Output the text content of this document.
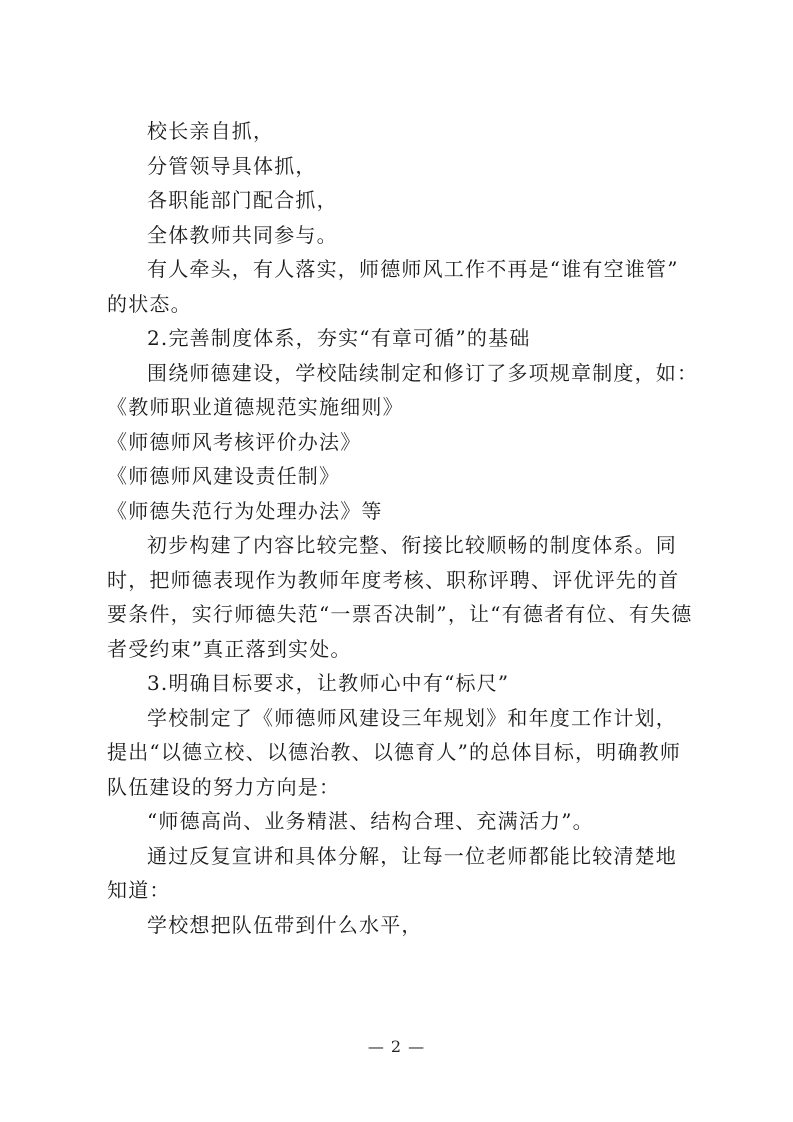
校长亲自抓，
分管领导具体抓，
各职能部门配合抓，
全体教师共同参与。
有人牵头，有人落实，师德师风工作不再是“谁有空谁管”
的状态。
2.完善制度体系，夯实“有章可循”的基础
围绕师德建设，学校陆续制定和修订了多项规章制度，如：
《教师职业道德规范实施细则》
《师德师风考核评价办法》
《师德师风建设责任制》
《师德失范行为处理办法》等
初步构建了内容比较完整、衔接比较顺畅的制度体系。同
时，把师德表现作为教师年度考核、职称评聘、评优评先的首
要条件，实行师德失范“一票否决制”，让“有德者有位、有失德
者受约束”真正落到实处。
3.明确目标要求，让教师心中有“标尺”
学校制定了《师德师风建设三年规划》和年度工作计划，
提出“以德立校、以德治教、以德育人”的总体目标，明确教师
队伍建设的努力方向是：
“师德高尚、业务精湛、结构合理、充满活力”。
通过反复宣讲和具体分解，让每一位老师都能比较清楚地
知道：
学校想把队伍带到什么水平，
— 2 —
